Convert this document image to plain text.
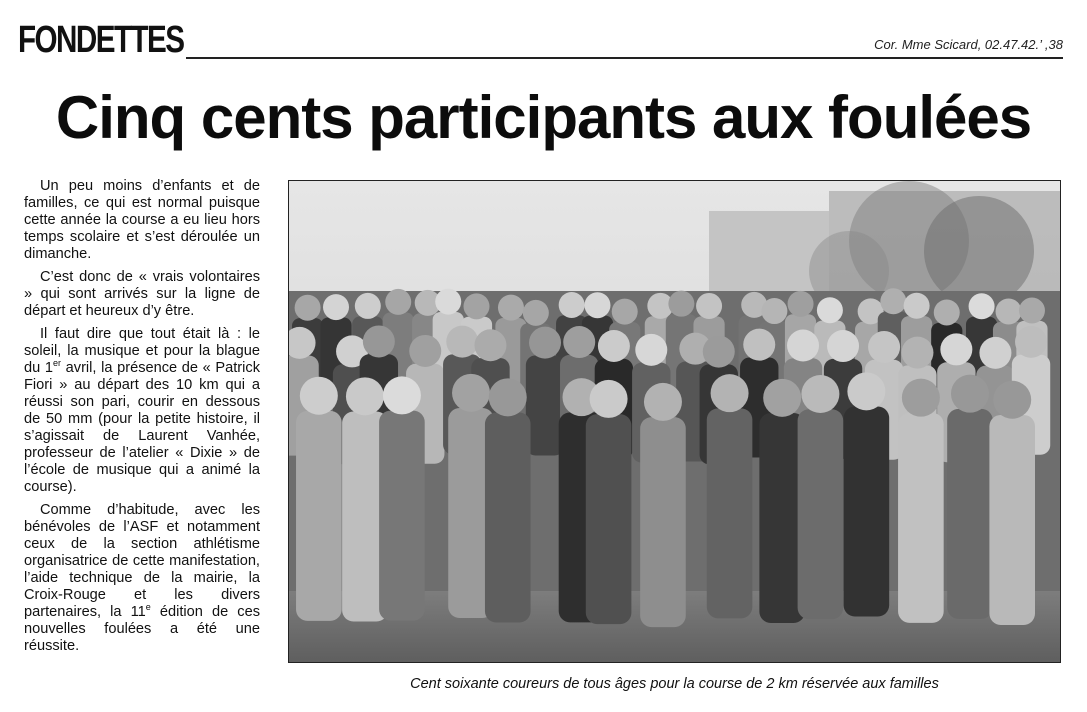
FONDETTES	Cor. Mme Scicard, 02.47.42.’ ,38
Cinq cents participants aux foulées

Un peu moins d’enfants et de familles, ce qui est normal puisque cette année la course a eu lieu hors temps scolaire et s’est déroulée un dimanche.

C’est donc de « vrais volontaires » qui sont arrivés sur la ligne de départ et heureux d’y être.

Il faut dire que tout était là : le soleil, la musique et pour la blague du 1er avril, la présence de « Patrick Fiori » au départ des 10 km qui a réussi son pari, courir en dessous de 50 mm (pour la petite histoire, il s’agissait de Laurent Vanhée, professeur de l’atelier « Dixie » de l’école de musique qui a animé la course).

Comme d’habitude, avec les bénévoles de l’ASF et notamment ceux de la section athlétisme organisatrice de cette manifestation, l’aide technique de la mairie, la Croix-Rouge et les divers partenaires, la 11e édition de ces nouvelles foulées a été une réussite.

Cent soixante coureurs de tous âges pour la course de 2 km réservée aux familles
